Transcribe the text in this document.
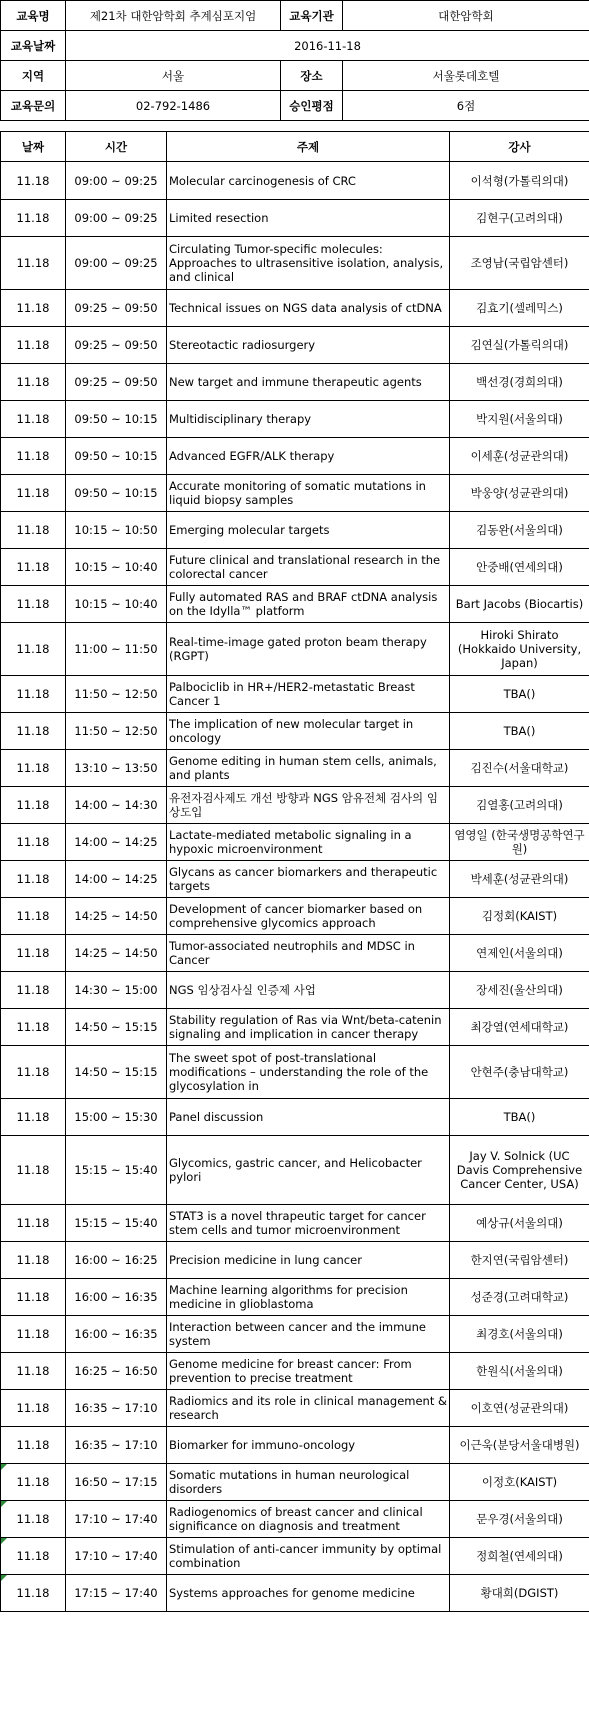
교육명	제21차 대한암학회 추계심포지엄	교육기관	대한암학회
교육날짜	2016-11-18		
지역	서울	장소	서울롯데호텔
교육문의	02-792-1486	승인평점	6점
날짜	시간	주제	강사
11.18	09:00 ~ 09:25	Molecular carcinogenesis of CRC	이석형(가톨릭의대)
11.18	09:00 ~ 09:25	Limited resection	김현구(고려의대)
11.18	09:00 ~ 09:25	Circulating Tumor-specific molecules: Approaches to ultrasensitive isolation, analysis, and clinical	조영남(국립암센터)
11.18	09:25 ~ 09:50	Technical issues on NGS data analysis of ctDNA	김효기(셀레믹스)
11.18	09:25 ~ 09:50	Stereotactic radiosurgery	김연실(가톨릭의대)
11.18	09:25 ~ 09:50	New target and immune therapeutic agents	백선경(경희의대)
11.18	09:50 ~ 10:15	Multidisciplinary therapy	박지원(서울의대)
11.18	09:50 ~ 10:15	Advanced EGFR/ALK therapy	이세훈(성균관의대)
11.18	09:50 ~ 10:15	Accurate monitoring of somatic mutations in liquid biopsy samples	박웅양(성균관의대)
11.18	10:15 ~ 10:50	Emerging molecular targets	김동완(서울의대)
11.18	10:15 ~ 10:40	Future clinical and translational research in the colorectal cancer	안중배(연세의대)
11.18	10:15 ~ 10:40	Fully automated RAS and BRAF ctDNA analysis on the Idylla™ platform	Bart Jacobs (Biocartis)
11.18	11:00 ~ 11:50	Real-time-image gated proton beam therapy (RGPT)	Hiroki Shirato (Hokkaido University, Japan)
11.18	11:50 ~ 12:50	Palbociclib in HR+/HER2-metastatic Breast Cancer 1	TBA()
11.18	11:50 ~ 12:50	The implication of new molecular target in oncology	TBA()
11.18	13:10 ~ 13:50	Genome editing in human stem cells, animals, and plants	김진수(서울대학교)
11.18	14:00 ~ 14:30	유전자검사제도 개선 방향과 NGS 암유전체 검사의 임상도입	김열홍(고려의대)
11.18	14:00 ~ 14:25	Lactate-mediated metabolic signaling in a hypoxic microenvironment	염영일 (한국생명공학연구원)
11.18	14:00 ~ 14:25	Glycans as cancer biomarkers and therapeutic targets	박세훈(성균관의대)
11.18	14:25 ~ 14:50	Development of cancer biomarker based on comprehensive glycomics approach	김정회(KAIST)
11.18	14:25 ~ 14:50	Tumor-associated neutrophils and MDSC in Cancer	연제인(서울의대)
11.18	14:30 ~ 15:00	NGS 임상검사실 인증제 사업	장세진(울산의대)
11.18	14:50 ~ 15:15	Stability regulation of Ras via Wnt/beta-catenin signaling and implication in cancer therapy	최강열(연세대학교)
11.18	14:50 ~ 15:15	The sweet spot of post-translational modifications – understanding the role of the glycosylation in	안현주(충남대학교)
11.18	15:00 ~ 15:30	Panel discussion	TBA()
11.18	15:15 ~ 15:40	Glycomics, gastric cancer, and Helicobacter pylori	Jay V. Solnick (UC Davis Comprehensive Cancer Center, USA)
11.18	15:15 ~ 15:40	STAT3 is a novel thrapeutic target for cancer stem cells and tumor microenvironment	예상규(서울의대)
11.18	16:00 ~ 16:25	Precision medicine in lung cancer	한지연(국립암센터)
11.18	16:00 ~ 16:35	Machine learning algorithms for precision medicine in glioblastoma	성준경(고려대학교)
11.18	16:00 ~ 16:35	Interaction between cancer and the immune system	최경호(서울의대)
11.18	16:25 ~ 16:50	Genome medicine for breast cancer: From prevention to precise treatment	한원식(서울의대)
11.18	16:35 ~ 17:10	Radiomics and its role in clinical management & research	이호연(성균관의대)
11.18	16:35 ~ 17:10	Biomarker for immuno-oncology	이근욱(분당서울대병원)

11.18	16:50 ~ 17:15	Somatic mutations in human neurological disorders	이정호(KAIST)

11.18	17:10 ~ 17:40	Radiogenomics of breast cancer and clinical significance on diagnosis and treatment	문우경(서울의대)

11.18	17:10 ~ 17:40	Stimulation of anti-cancer immunity by optimal combination	정희철(연세의대)

11.18	17:15 ~ 17:40	Systems approaches for genome medicine	황대희(DGIST)
